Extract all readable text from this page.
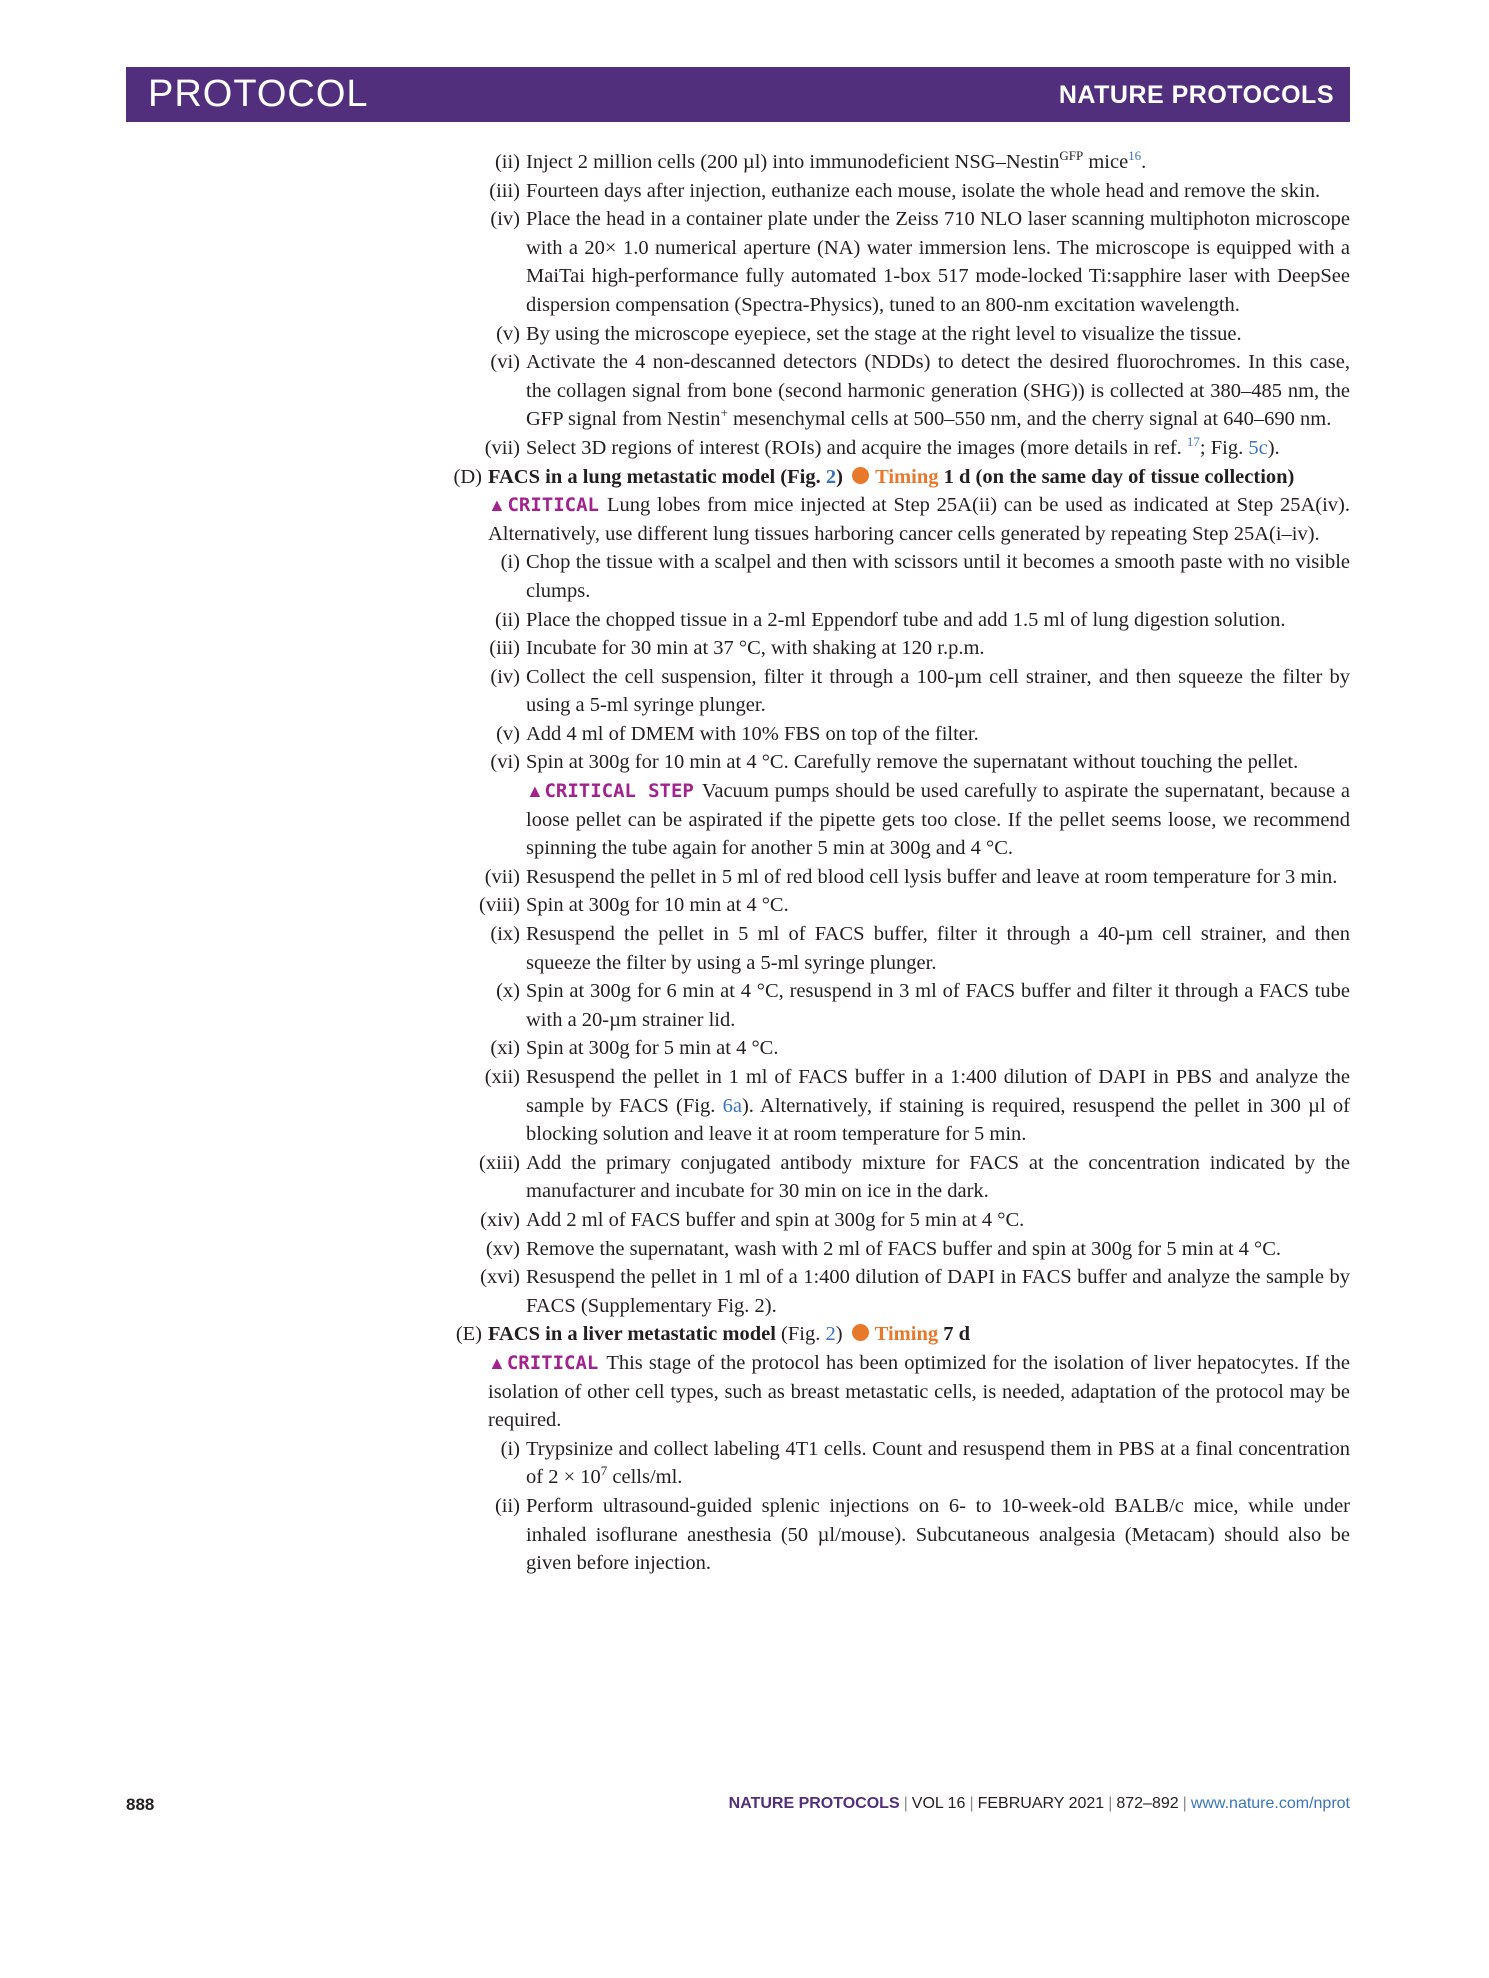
PROTOCOL	NATURE PROTOCOLS
(ii) Inject 2 million cells (200 µl) into immunodeficient NSG–Nestin$^{GFP}$ mice$^{16}$.
(iii) Fourteen days after injection, euthanize each mouse, isolate the whole head and remove the skin.
(iv) Place the head in a container plate under the Zeiss 710 NLO laser scanning multiphoton microscope with a 20× 1.0 numerical aperture (NA) water immersion lens. The microscope is equipped with a MaiTai high-performance fully automated 1-box 517 mode-locked Ti:sapphire laser with DeepSee dispersion compensation (Spectra-Physics), tuned to an 800-nm excitation wavelength.
(v) By using the microscope eyepiece, set the stage at the right level to visualize the tissue.
(vi) Activate the 4 non-descanned detectors (NDDs) to detect the desired fluorochromes. In this case, the collagen signal from bone (second harmonic generation (SHG)) is collected at 380–485 nm, the GFP signal from Nestin+ mesenchymal cells at 500–550 nm, and the cherry signal at 640–690 nm.
(vii) Select 3D regions of interest (ROIs) and acquire the images (more details in ref. $^{17}$; Fig. 5c).
(D) FACS in a lung metastatic model (Fig. 2) Timing 1 d (on the same day of tissue collection)
▲CRITICAL Lung lobes from mice injected at Step 25A(ii) can be used as indicated at Step 25A(iv). Alternatively, use different lung tissues harboring cancer cells generated by repeating Step 25A(i–iv).
(i) Chop the tissue with a scalpel and then with scissors until it becomes a smooth paste with no visible clumps.
(ii) Place the chopped tissue in a 2-ml Eppendorf tube and add 1.5 ml of lung digestion solution.
(iii) Incubate for 30 min at 37 °C, with shaking at 120 r.p.m.
(iv) Collect the cell suspension, filter it through a 100-µm cell strainer, and then squeeze the filter by using a 5-ml syringe plunger.
(v) Add 4 ml of DMEM with 10% FBS on top of the filter.
(vi) Spin at 300g for 10 min at 4 °C. Carefully remove the supernatant without touching the pellet.
▲CRITICAL STEP Vacuum pumps should be used carefully to aspirate the supernatant, because a loose pellet can be aspirated if the pipette gets too close. If the pellet seems loose, we recommend spinning the tube again for another 5 min at 300g and 4 °C.
(vii) Resuspend the pellet in 5 ml of red blood cell lysis buffer and leave at room temperature for 3 min.
(viii) Spin at 300g for 10 min at 4 °C.
(ix) Resuspend the pellet in 5 ml of FACS buffer, filter it through a 40-µm cell strainer, and then squeeze the filter by using a 5-ml syringe plunger.
(x) Spin at 300g for 6 min at 4 °C, resuspend in 3 ml of FACS buffer and filter it through a FACS tube with a 20-µm strainer lid.
(xi) Spin at 300g for 5 min at 4 °C.
(xii) Resuspend the pellet in 1 ml of FACS buffer in a 1:400 dilution of DAPI in PBS and analyze the sample by FACS (Fig. 6a). Alternatively, if staining is required, resuspend the pellet in 300 µl of blocking solution and leave it at room temperature for 5 min.
(xiii) Add the primary conjugated antibody mixture for FACS at the concentration indicated by the manufacturer and incubate for 30 min on ice in the dark.
(xiv) Add 2 ml of FACS buffer and spin at 300g for 5 min at 4 °C.
(xv) Remove the supernatant, wash with 2 ml of FACS buffer and spin at 300g for 5 min at 4 °C.
(xvi) Resuspend the pellet in 1 ml of a 1:400 dilution of DAPI in FACS buffer and analyze the sample by FACS (Supplementary Fig. 2).
(E) FACS in a liver metastatic model (Fig. 2) Timing 7 d
▲CRITICAL This stage of the protocol has been optimized for the isolation of liver hepatocytes. If the isolation of other cell types, such as breast metastatic cells, is needed, adaptation of the protocol may be required.
(i) Trypsinize and collect labeling 4T1 cells. Count and resuspend them in PBS at a final concentration of $2 \times 10^7$ cells/ml.
(ii) Perform ultrasound-guided splenic injections on 6- to 10-week-old BALB/c mice, while under inhaled isoflurane anesthesia (50 µl/mouse). Subcutaneous analgesia (Metacam) should also be given before injection.
888	NATURE PROTOCOLS | VOL 16 | FEBRUARY 2021 | 872–892 | www.nature.com/nprot
